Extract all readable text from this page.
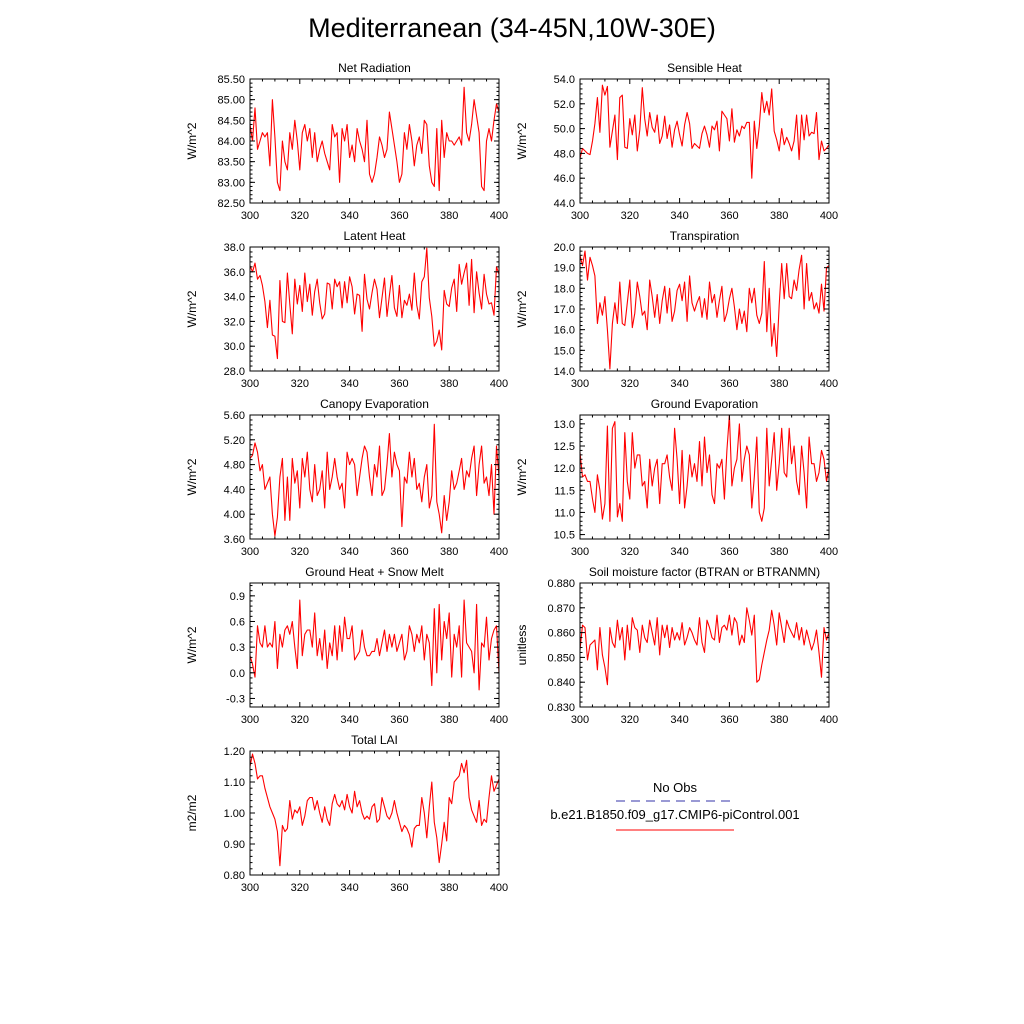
Mediterranean (34-45N,10W-30E)
300	320	340	360	380	400
82.50
83.00
83.50
84.00
84.50
85.00
85.50
Net Radiation
W/m^2
300	320	340	360	380	400
44.0
46.0
48.0
50.0
52.0
54.0
Sensible Heat
W/m^2
300	320	340	360	380	400
28.0
30.0
32.0
34.0
36.0
38.0
Latent Heat
W/m^2
300	320	340	360	380	400
14.0
15.0
16.0
17.0
18.0
19.0
20.0
Transpiration
W/m^2
300	320	340	360	380	400
3.60
4.00
4.40
4.80
5.20
5.60
Canopy Evaporation
W/m^2
300	320	340	360	380	400
10.5
11.0
11.5
12.0
12.5
13.0
Ground Evaporation
W/m^2
300	320	340	360	380	400
-0.3
0.0
0.3
0.6
0.9
Ground Heat + Snow Melt
W/m^2
300	320	340	360	380	400
0.830
0.840
0.850
0.860
0.870
0.880
Soil moisture factor (BTRAN or BTRANMN)
unitless
300	320	340	360	380	400
0.80
0.90
1.00
1.10
1.20
Total LAI
m2/m2
No Obs
b.e21.B1850.f09_g17.CMIP6-piControl.001
